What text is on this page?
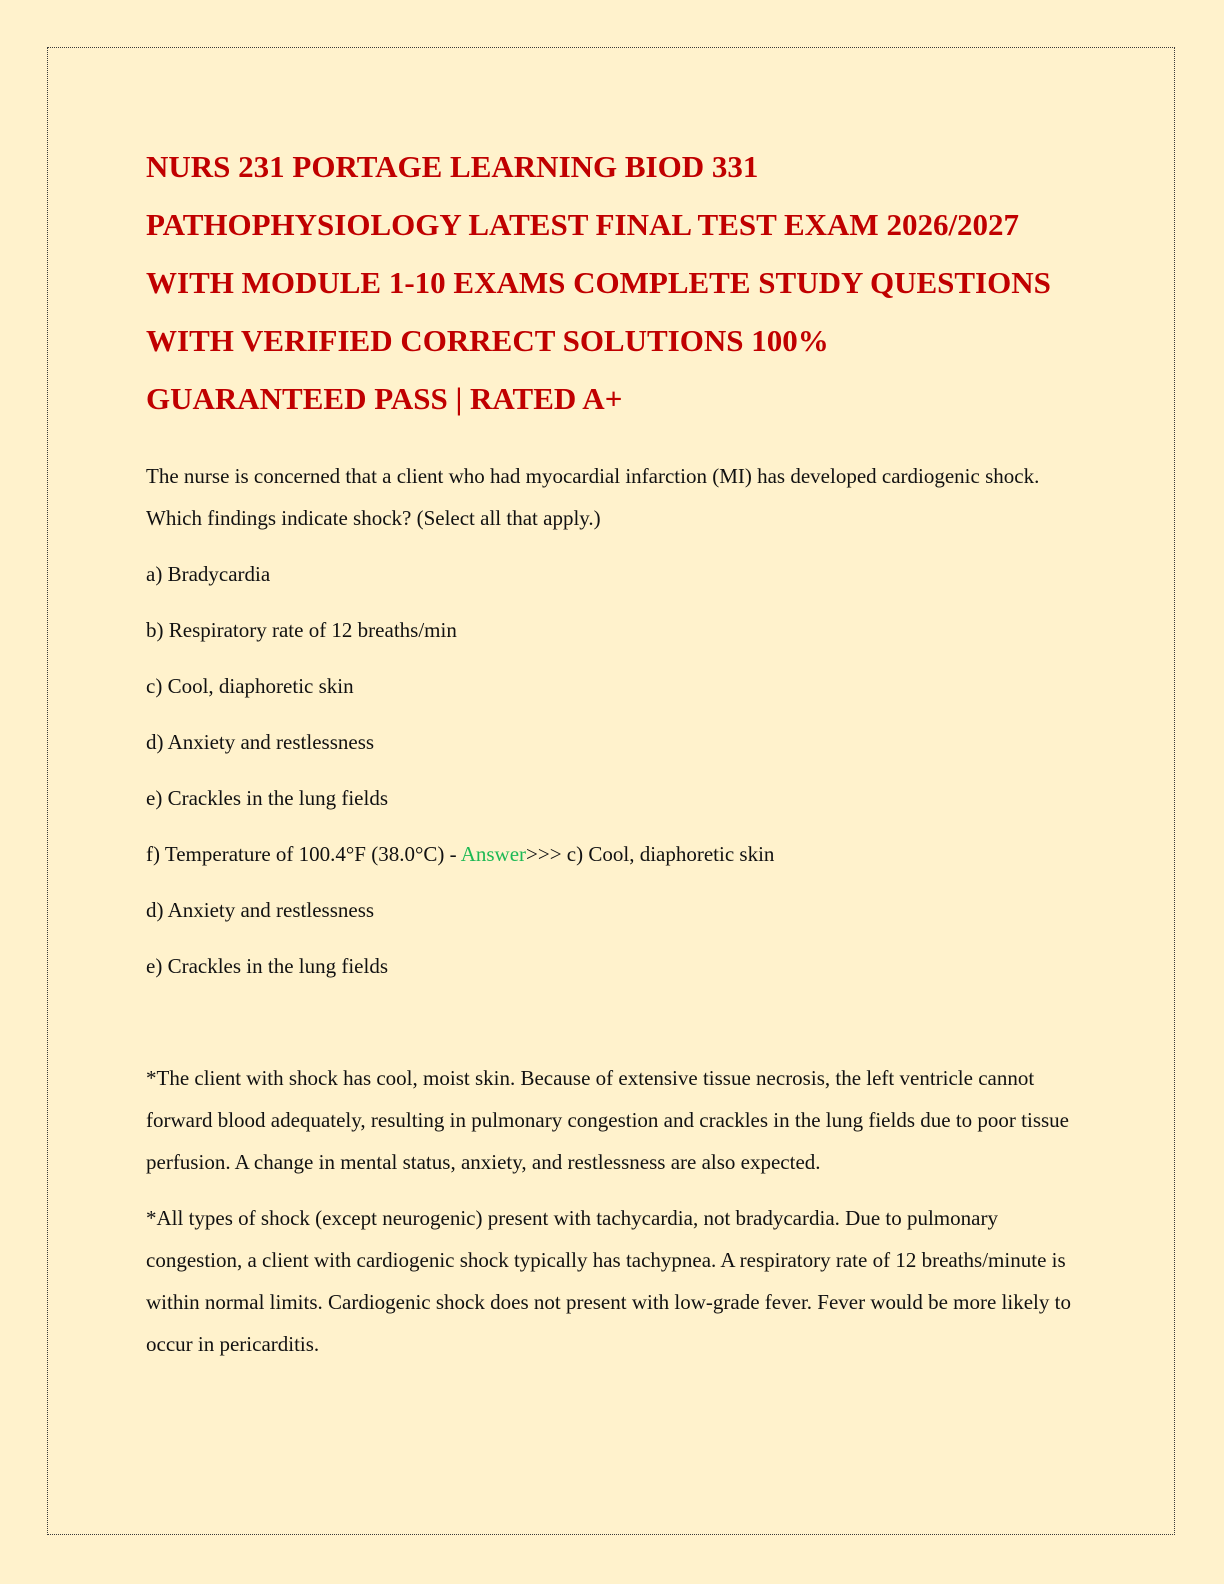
NURS 231 PORTAGE LEARNING BIOD 331
PATHOPHYSIOLOGY LATEST FINAL TEST EXAM 2026/2027
WITH MODULE 1-10 EXAMS COMPLETE STUDY QUESTIONS
WITH VERIFIED CORRECT SOLUTIONS 100%
GUARANTEED PASS | RATED A+

The nurse is concerned that a client who had myocardial infarction (MI) has developed cardiogenic shock. Which findings indicate shock? (Select all that apply.)

a) Bradycardia

b) Respiratory rate of 12 breaths/min

c) Cool, diaphoretic skin

d) Anxiety and restlessness

e) Crackles in the lung fields

f) Temperature of 100.4°F (38.0°C) - Answer>>> c) Cool, diaphoretic skin

d) Anxiety and restlessness

e) Crackles in the lung fields

*The client with shock has cool, moist skin. Because of extensive tissue necrosis, the left ventricle cannot forward blood adequately, resulting in pulmonary congestion and crackles in the lung fields due to poor tissue perfusion. A change in mental status, anxiety, and restlessness are also expected.

*All types of shock (except neurogenic) present with tachycardia, not bradycardia. Due to pulmonary congestion, a client with cardiogenic shock typically has tachypnea. A respiratory rate of 12 breaths/minute is within normal limits. Cardiogenic shock does not present with low-grade fever. Fever would be more likely to occur in pericarditis.
